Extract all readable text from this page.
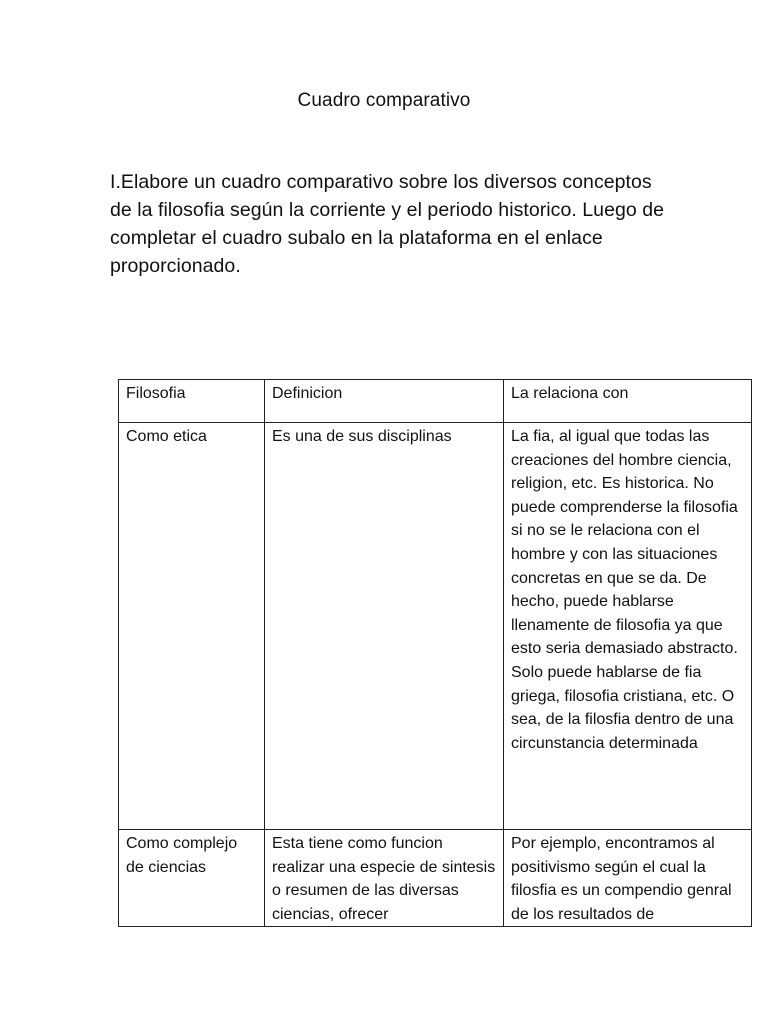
Cuadro comparativo
I.Elabore un cuadro comparativo sobre los diversos conceptos de la filosofia según la corriente y el periodo historico. Luego de completar el cuadro subalo en la plataforma en el enlace proporcionado.
Filosofia	Definicion	La relaciona con
Como etica	Es una de sus disciplinas	La fia, al igual que todas las creaciones del hombre ciencia, religion, etc. Es historica. No puede comprenderse la filosofia si no se le relaciona con el hombre y con las situaciones concretas en que se da. De hecho, puede hablarse llenamente de filosofia ya que esto seria demasiado abstracto. Solo puede hablarse de fia griega, filosofia cristiana, etc. O sea, de la filosfia dentro de una circunstancia determinada

Como complejo de ciencias	Esta tiene como funcion realizar una especie de sintesis o resumen de las diversas ciencias, ofrecer	Por ejemplo, encontramos al positivismo según el cual la filosfia es un compendio genral de los resultados de
